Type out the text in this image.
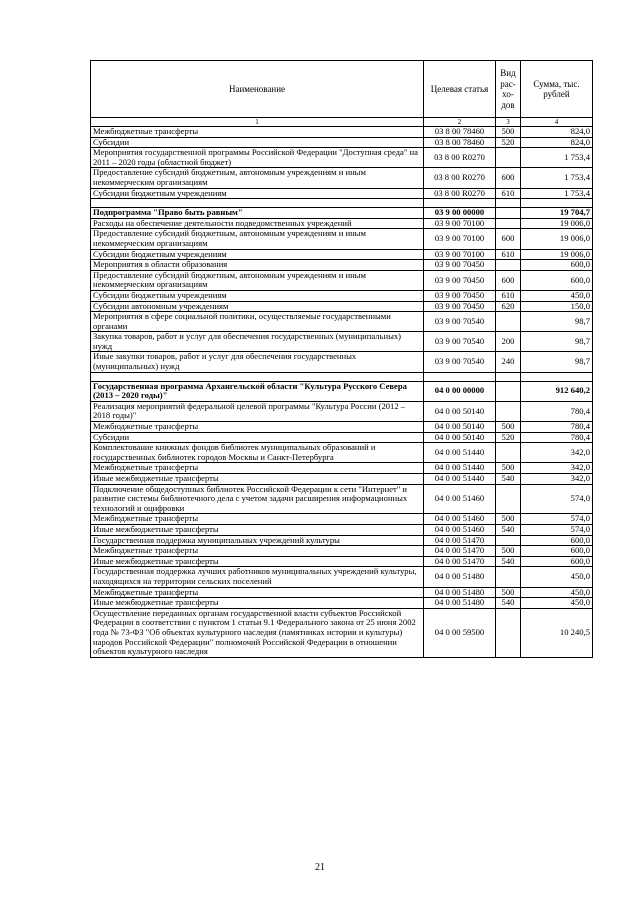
Наименование	Целевая статья	Вид рас- хо- дов	Сумма, тыс. рублей
1	2	3	4
Межбюджетные трансферты	03 8 00 78460	500	824,0
Субсидии	03 8 00 78460	520	824,0
Мероприятия государственной программы Российской Федерации "Доступная среда" на 2011 – 2020 годы (областной бюджет)	03 8 00 R0270		1 753,4
Предоставление субсидий бюджетным, автономным учреждениям и иным некоммерческим организациям	03 8 00 R0270	600	1 753,4
Субсидии бюджетным учреждениям	03 8 00 R0270	610	1 753,4

Подпрограмма "Право быть равным"	03 9 00 00000		19 704,7
Расходы на обеспечение деятельности подведомственных учреждений	03 9 00 70100		19 006,0
Предоставление субсидий бюджетным, автономным учреждениям и иным некоммерческим организациям	03 9 00 70100	600	19 006,0
Субсидии бюджетным учреждениям	03 9 00 70100	610	19 006,0
Мероприятия в области образования	03 9 00 70450		600,0
Предоставление субсидий бюджетным, автономным учреждениям и иным некоммерческим организациям	03 9 00 70450	600	600,0
Субсидии бюджетным учреждениям	03 9 00 70450	610	450,0
Субсидии автономным учреждениям	03 9 00 70450	620	150,0
Мероприятия в сфере социальной политики, осуществляемые государственными органами	03 9 00 70540		98,7
Закупка товаров, работ и услуг для обеспечения государственных (муниципальных) нужд	03 9 00 70540	200	98,7
Иные закупки товаров, работ и услуг для обеспечения государственных (муниципальных) нужд	03 9 00 70540	240	98,7

Государственная программа Архангельской области "Культура Русского Севера (2013 – 2020 годы)"	04 0 00 00000		912 640,2
Реализация мероприятий федеральной целевой программы "Культура России (2012 – 2018 годы)"	04 0 00 50140		780,4
Межбюджетные трансферты	04 0 00 50140	500	780,4
Субсидии	04 0 00 50140	520	780,4
Комплектование книжных фондов библиотек муниципальных образований и государственных библиотек городов Москвы и Санкт-Петербурга	04 0 00 51440		342,0
Межбюджетные трансферты	04 0 00 51440	500	342,0
Иные межбюджетные трансферты	04 0 00 51440	540	342,0
Подключение общедоступных библиотек Российской Федерации к сети "Интернет" и развитие системы библиотечного дела с учетом задачи расширения информационных технологий и оцифровки	04 0 00 51460		574,0
Межбюджетные трансферты	04 0 00 51460	500	574,0
Иные межбюджетные трансферты	04 0 00 51460	540	574,0
Государственная поддержка муниципальных учреждений культуры	04 0 00 51470		600,0
Межбюджетные трансферты	04 0 00 51470	500	600,0
Иные межбюджетные трансферты	04 0 00 51470	540	600,0
Государственная поддержка лучших работников муниципальных учреждений культуры, находящихся на территории сельских поселений	04 0 00 51480		450,0
Межбюджетные трансферты	04 0 00 51480	500	450,0
Иные межбюджетные трансферты	04 0 00 51480	540	450,0
Осуществление переданных органам государственной власти субъектов Российской Федерации в соответствии с пунктом 1 статьи 9.1 Федерального закона от 25 июня 2002 года № 73-ФЗ "Об объектах культурного наследия (памятниках истории и культуры) народов Российской Федерации" полномочий Российской Федерации в отношении объектов культурного наследия	04 0 00 59500		10 240,5
21
